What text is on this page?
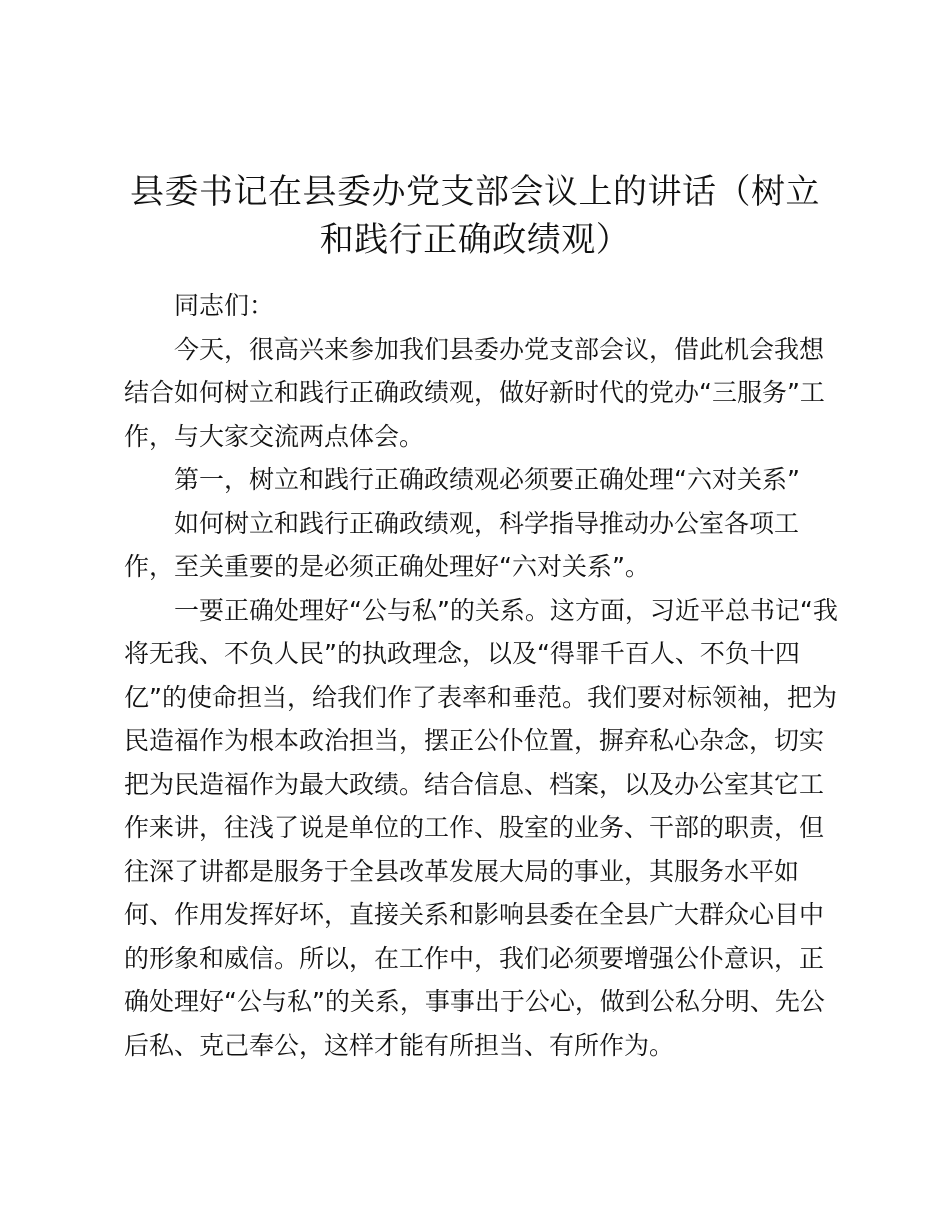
县委书记在县委办党支部会议上的讲话（树立
和践行正确政绩观）
同志们：
今天，很高兴来参加我们县委办党支部会议，借此机会我想
结合如何树立和践行正确政绩观，做好新时代的党办“三服务”工
作，与大家交流两点体会。
第一，树立和践行正确政绩观必须要正确处理“六对关系”
如何树立和践行正确政绩观，科学指导推动办公室各项工
作，至关重要的是必须正确处理好“六对关系”。
一要正确处理好“公与私”的关系。这方面，习近平总书记“我
将无我、不负人民”的执政理念，以及“得罪千百人、不负十四
亿”的使命担当，给我们作了表率和垂范。我们要对标领袖，把为
民造福作为根本政治担当，摆正公仆位置，摒弃私心杂念，切实
把为民造福作为最大政绩。结合信息、档案，以及办公室其它工
作来讲，往浅了说是单位的工作、股室的业务、干部的职责，但
往深了讲都是服务于全县改革发展大局的事业，其服务水平如
何、作用发挥好坏，直接关系和影响县委在全县广大群众心目中
的形象和威信。所以，在工作中，我们必须要增强公仆意识，正
确处理好“公与私”的关系，事事出于公心，做到公私分明、先公
后私、克己奉公，这样才能有所担当、有所作为。
